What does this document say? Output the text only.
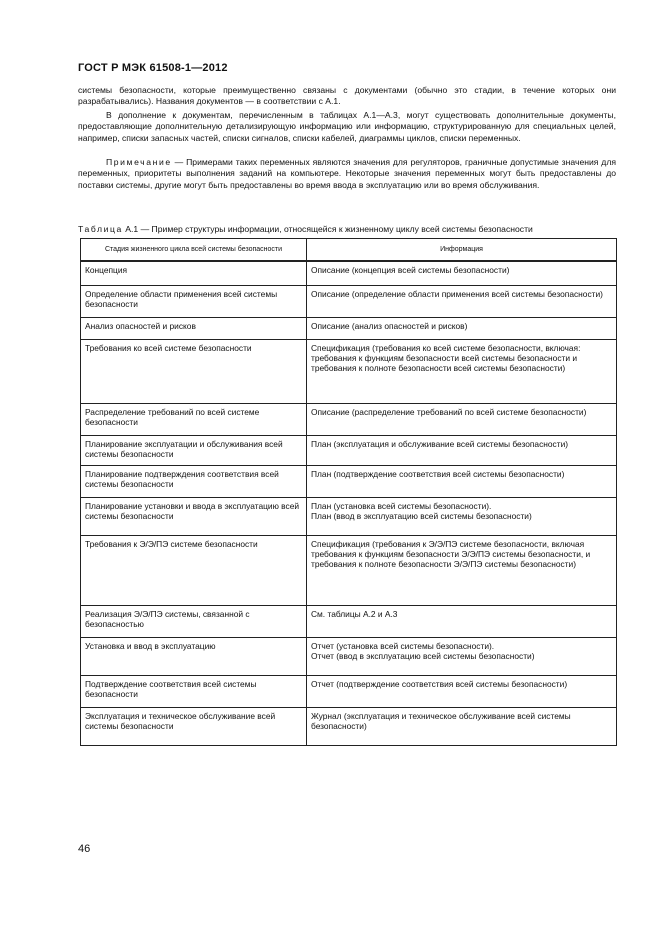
ГОСТ Р МЭК 61508-1—2012
системы безопасности, которые преимущественно связаны с документами (обычно это стадии, в течение которых они разрабатывались). Названия документов — в соответствии с А.1.
В дополнение к документам, перечисленным в таблицах А.1—А.3, могут существовать дополнительные документы, предоставляющие дополнительную детализирующую информацию или информацию, структурированную для специальных целей, например, списки запасных частей, списки сигналов, списки кабелей, диаграммы циклов, списки переменных.
Примечание — Примерами таких переменных являются значения для регуляторов, граничные допустимые значения для переменных, приоритеты выполнения заданий на компьютере. Некоторые значения переменных могут быть предоставлены до поставки системы, другие могут быть предоставлены во время ввода в эксплуатацию или во время обслуживания.
Таблица А.1 — Пример структуры информации, относящейся к жизненному циклу всей системы безопасности
Стадия жизненного цикла всей системы безопасности	Информация
Концепция	Описание (концепция всей системы безопасности)
Определение области применения всей системы безопасности	Описание (определение области применения всей системы безопасности)
Анализ опасностей и рисков	Описание (анализ опасностей и рисков)
Требования ко всей системе безопасности	Спецификация (требования ко всей системе безопасности, включая: требования к функциям безопасности всей системы безопасности и требования к полноте безопасности всей системы безопасности)
Распределение требований по всей системе безопасности	Описание (распределение требований по всей системе безопасности)
Планирование эксплуатации и обслуживания всей системы безопасности	План (эксплуатация и обслуживание всей системы безопасности)
Планирование подтверждения соответствия всей системы безопасности	План (подтверждение соответствия всей системы безопасности)
Планирование установки и ввода в эксплуатацию всей системы безопасности	План (установка всей системы безопасности).
План (ввод в эксплуатацию всей системы безопасности)
Требования к Э/Э/ПЭ системе безопасности	Спецификация (требования к Э/Э/ПЭ системе безопасности, включая требования к функциям безопасности Э/Э/ПЭ системы безопасности, и требования к полноте безопасности Э/Э/ПЭ системы безопасности)
Реализация Э/Э/ПЭ системы, связанной с безопасностью	См. таблицы А.2 и А.3
Установка и ввод в эксплуатацию	Отчет (установка всей системы безопасности).
Отчет (ввод в эксплуатацию всей системы безопасности)
Подтверждение соответствия всей системы безопасности	Отчет (подтверждение соответствия всей системы безопасности)
Эксплуатация и техническое обслуживание всей системы безопасности	Журнал (эксплуатация и техническое обслуживание всей системы безопасности)
46
